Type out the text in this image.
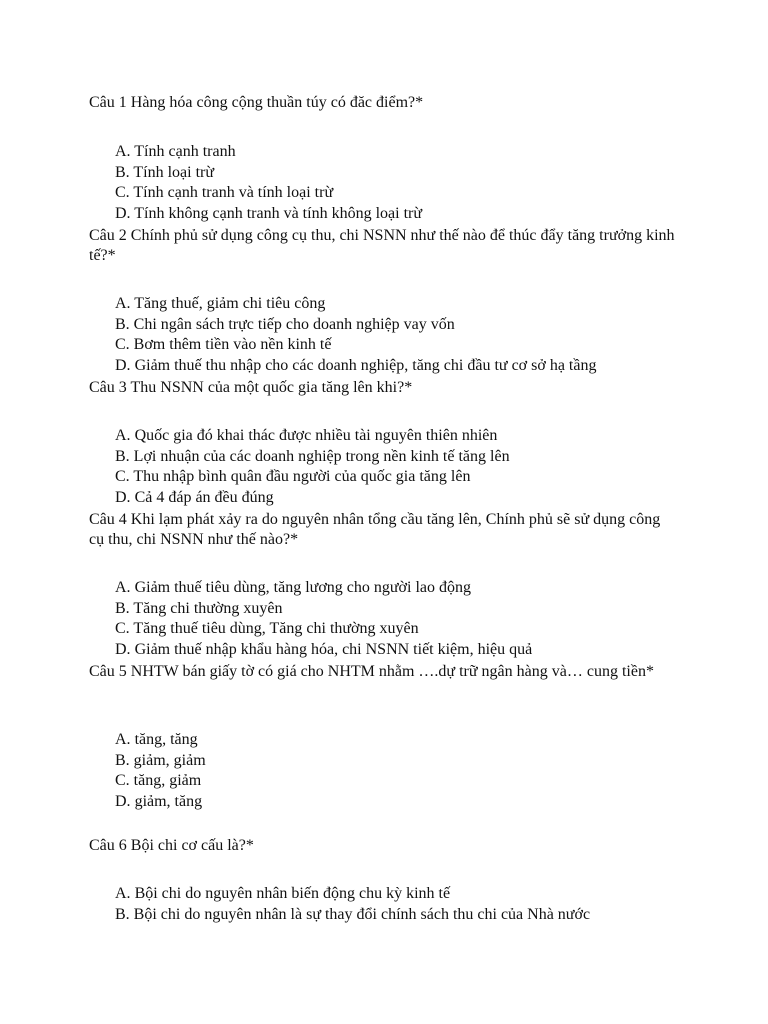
Câu 1 Hàng hóa công cộng thuần túy có đăc điểm?*

A. Tính cạnh tranh
B. Tính loại trừ
C. Tính cạnh tranh và tính loại trừ
D. Tính không cạnh tranh và tính không loại trừ

Câu 2 Chính phủ sử dụng công cụ thu, chi NSNN như thế nào để thúc đẩy tăng trưởng kinh tế?*

A. Tăng thuế, giảm chi tiêu công
B. Chi ngân sách trực tiếp cho doanh nghiệp vay vốn
C. Bơm thêm tiền vào nền kinh tế
D. Giảm thuế thu nhập cho các doanh nghiệp, tăng chi đầu tư cơ sở hạ tầng

Câu 3 Thu NSNN của một quốc gia tăng lên khi?*

A. Quốc gia đó khai thác được nhiều tài nguyên thiên nhiên
B. Lợi nhuận của các doanh nghiệp trong nền kinh tế tăng lên
C. Thu nhập bình quân đầu người của quốc gia tăng lên
D. Cả 4 đáp án đều đúng

Câu 4 Khi lạm phát xảy ra do nguyên nhân tổng cầu tăng lên, Chính phủ sẽ sử dụng công cụ thu, chi NSNN như thế nào?*

A. Giảm thuế tiêu dùng, tăng lương cho người lao động
B. Tăng chi thường xuyên
C. Tăng thuế tiêu dùng, Tăng chi thường xuyên
D. Giảm thuế nhập khẩu hàng hóa, chi NSNN tiết kiệm, hiệu quả

Câu 5 NHTW bán giấy tờ có giá cho NHTM nhằm ….dự trữ ngân hàng và… cung tiền*

A. tăng, tăng
B. giảm, giảm
C. tăng, giảm
D. giảm, tăng

Câu 6 Bội chi cơ cấu là?*

A. Bội chi do nguyên nhân biến động chu kỳ kinh tế
B. Bội chi do nguyên nhân là sự thay đổi chính sách thu chi của Nhà nước
